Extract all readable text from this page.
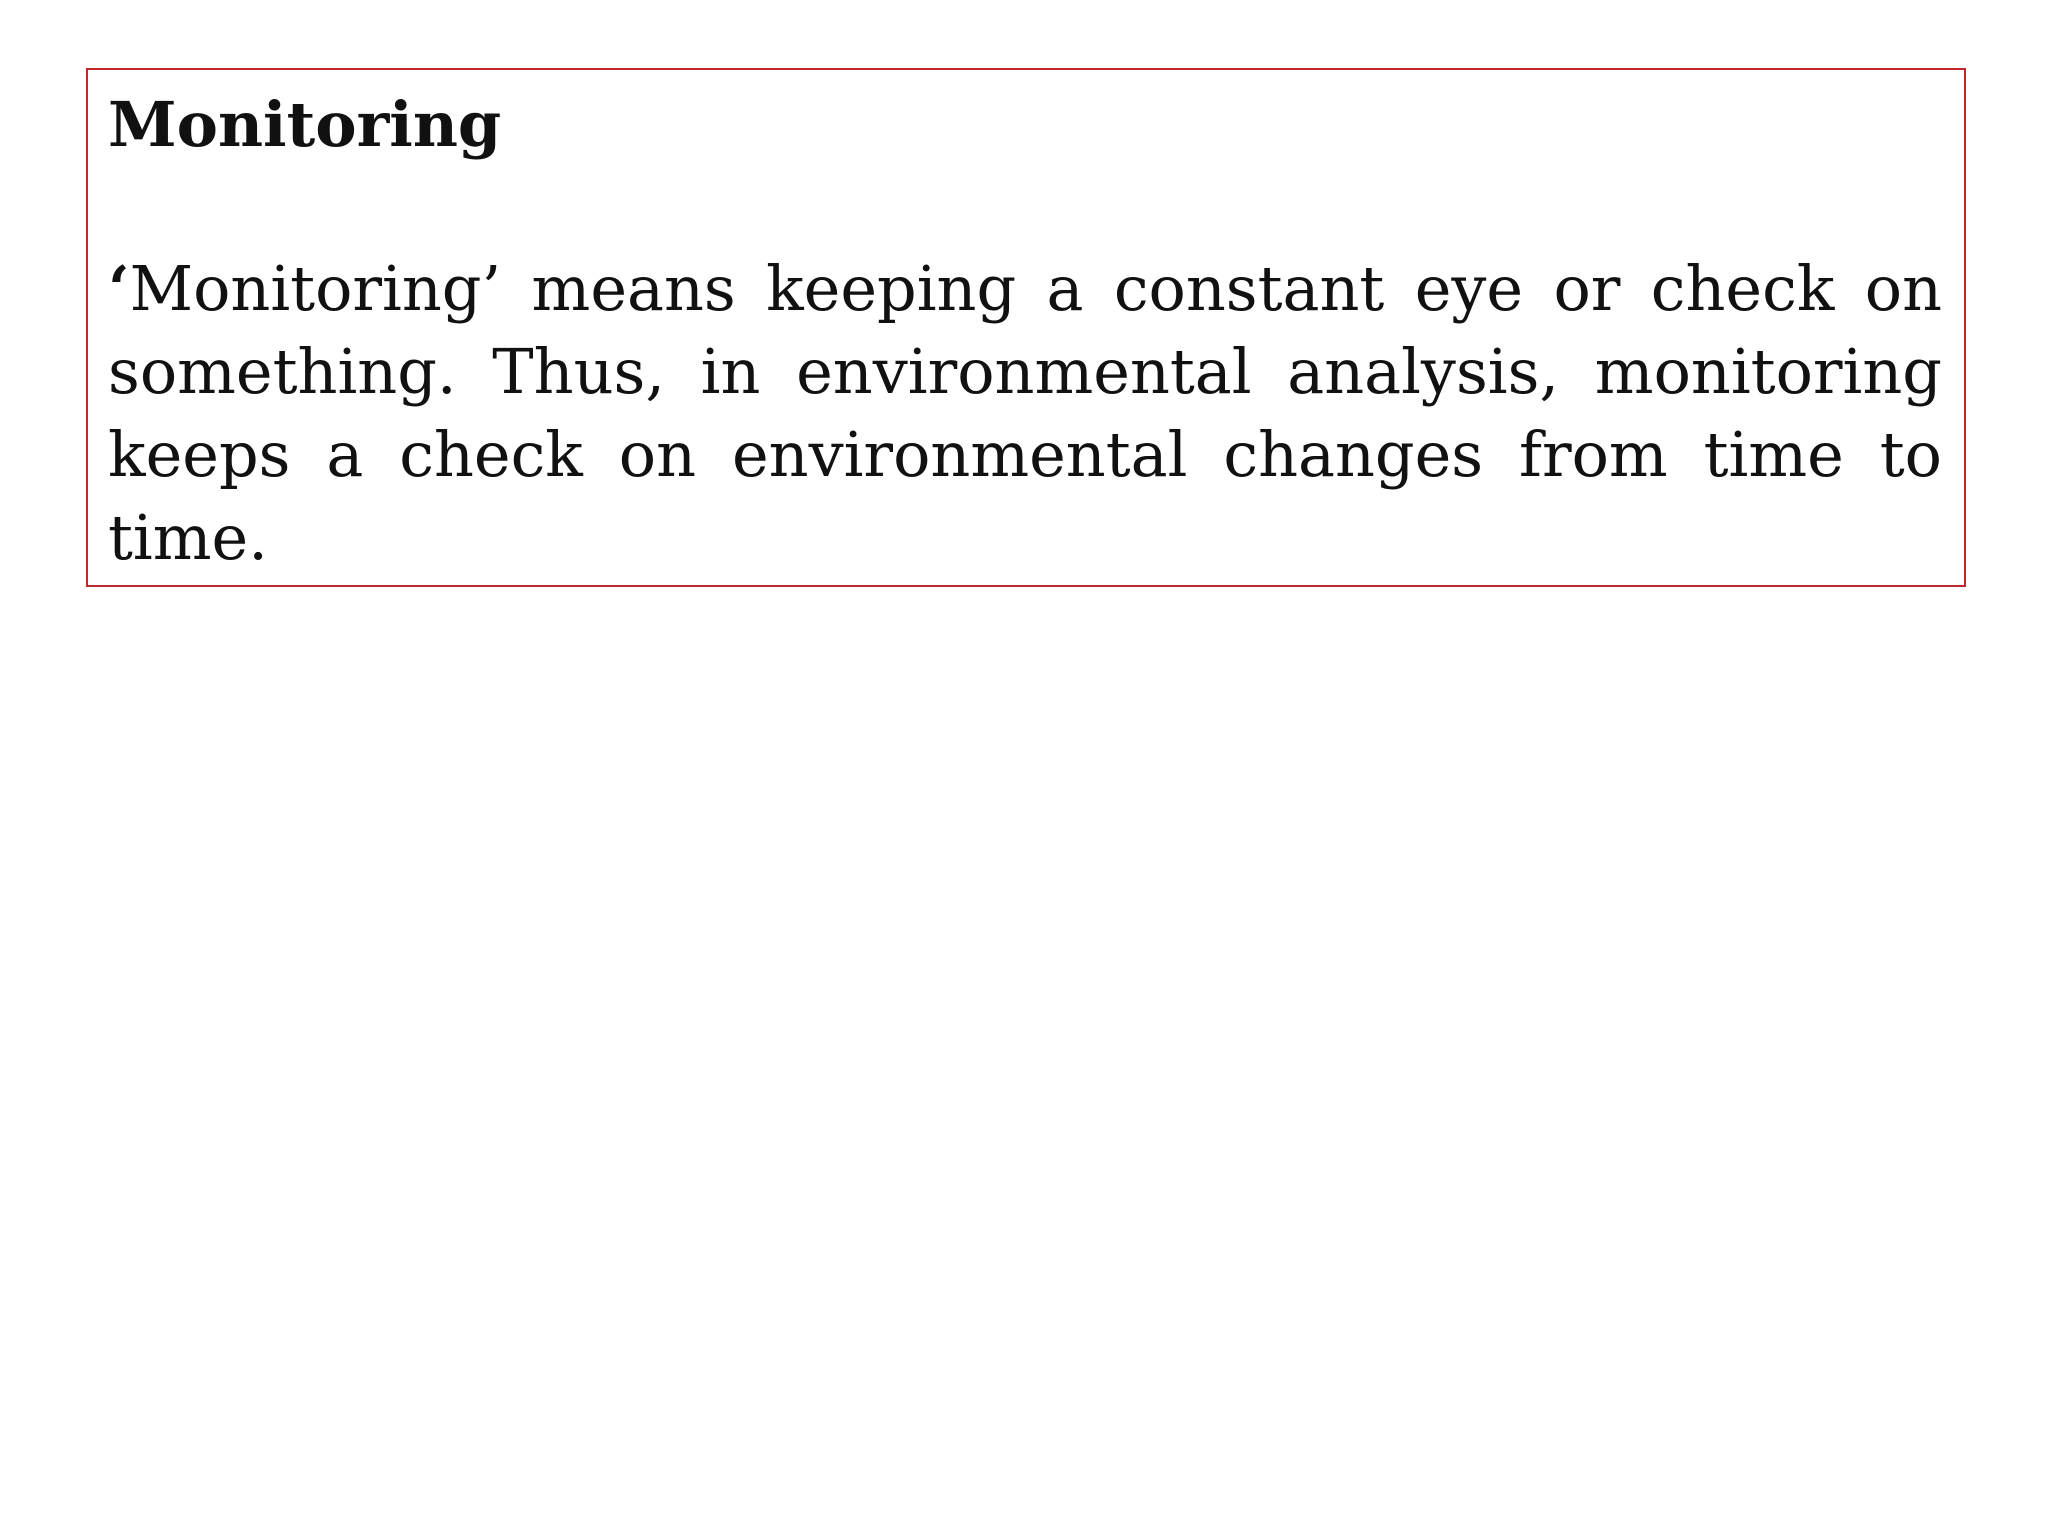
Monitoring

‘Monitoring’ means keeping a constant eye or check on something. Thus, in environmental analysis, monitoring keeps a check on environmental changes from time to time.
